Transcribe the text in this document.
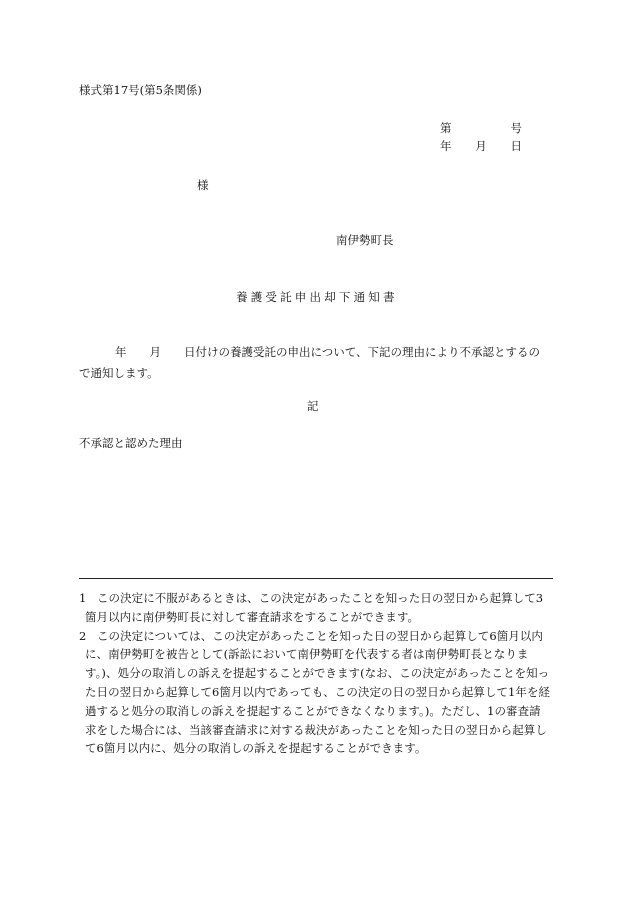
様式第17号(第5条関係)
第	号
年 月 日
様
南伊勢町長
養護受託申出却下通知書
年　　月　　日付けの養護受託の申出について、下記の理由により不承認とするの
で通知します。
記
不承認と認めた理由
1 この決定に不服があるときは、この決定があったことを知った日の翌日から起算して3
箇月以内に南伊勢町長に対して審査請求をすることができます。
2 この決定については、この決定があったことを知った日の翌日から起算して6箇月以内
に、南伊勢町を被告として(訴訟において南伊勢町を代表する者は南伊勢町長となりま
す。)、処分の取消しの訴えを提起することができます(なお、この決定があったことを知っ
た日の翌日から起算して6箇月以内であっても、この決定の日の翌日から起算して1年を経
過すると処分の取消しの訴えを提起することができなくなります。)。ただし、1の審査請
求をした場合には、当該審査請求に対する裁決があったことを知った日の翌日から起算し
て6箇月以内に、処分の取消しの訴えを提起することができます。
